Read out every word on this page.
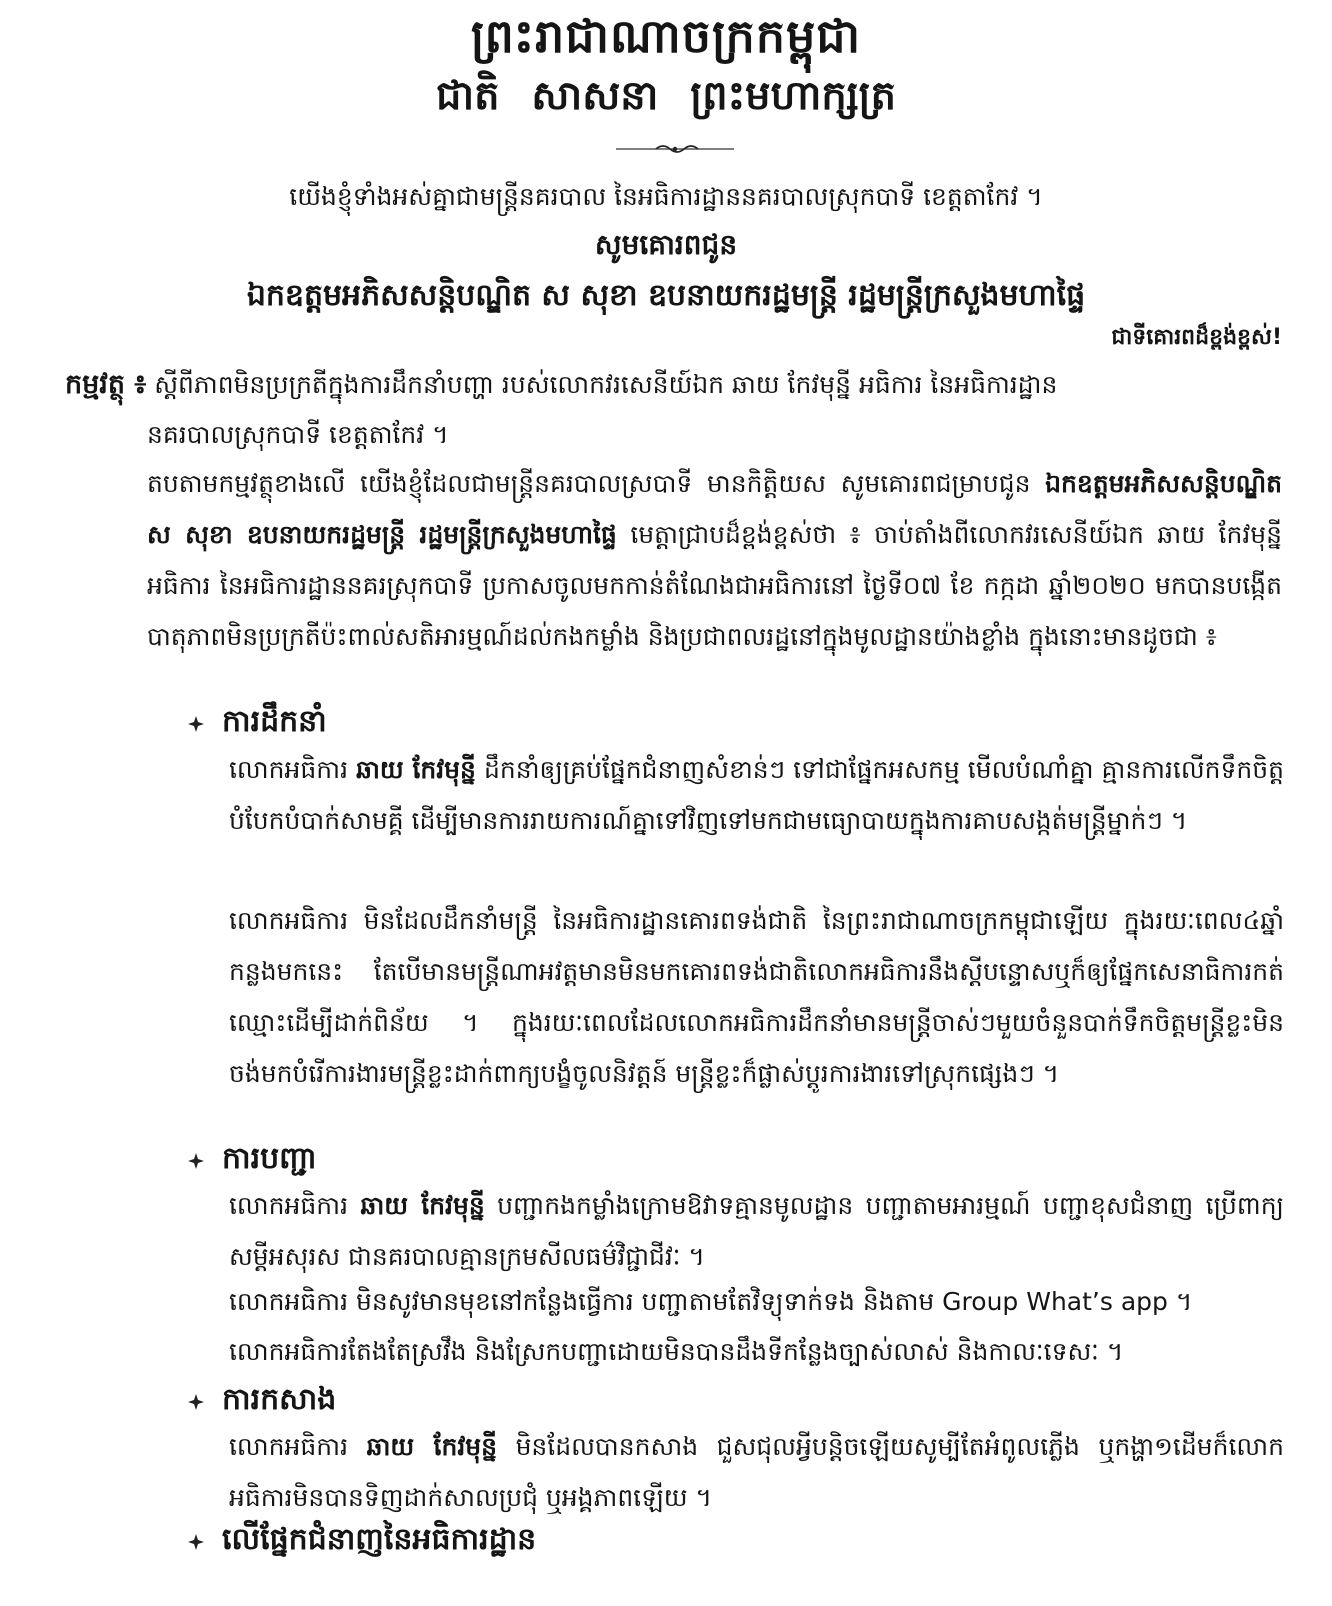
ព្រះរាជាណាចក្រកម្ពុជា
ជាតិ សាសនា ព្រះមហាក្សត្រ
យើងខ្ញុំទាំងអស់គ្នាជាមន្ត្រីនគរបាល នៃអធិការដ្ឋាននគរបាលស្រុកបាទី ខេត្តតាកែវ ។
សូមគោរពជូន
ឯកឧត្តមអភិសសន្តិបណ្ឌិត ស សុខា ឧបនាយករដ្ឋមន្ត្រី រដ្ឋមន្ត្រីក្រសួងមហាផ្ទៃ
ជាទីគោរពដ៏ខ្ពង់ខ្ពស់!
កម្មវត្ថុ ៖ ស្តីពីភាពមិនប្រក្រតីក្នុងការដឹកនាំបញ្ហា របស់លោកវរសេនីយ៍ឯក ឆាយ កែវមុន្នី អធិការ នៃអធិការដ្ឋាន
នគរបាលស្រុកបាទី ខេត្តតាកែវ ។
តបតាមកម្មវត្ថុខាងលើ យើងខ្ញុំដែលជាមន្ត្រីនគរបាលស្របាទី មានកិត្តិយស សូមគោរពជម្រាបជូន ឯកឧត្តមអភិសសន្តិបណ្ឌិត ស សុខា ឧបនាយករដ្ឋមន្ត្រី រដ្ឋមន្ត្រីក្រសួងមហាផ្ទៃ មេត្តាជ្រាបដ៏ខ្ពង់ខ្ពស់ថា ៖ ចាប់តាំងពីលោកវរសេនីយ៍ឯក ឆាយ កែវមុន្នី អធិការ នៃអធិការដ្ឋាននគរស្រុកបាទី ប្រកាសចូលមកកាន់តំណែងជាអធិការនៅ ថ្ងៃទី០៧ ខែ កក្កដា ឆ្នាំ២០២០ មកបានបង្កើតបាតុភាពមិនប្រក្រតីប៉ះពាល់សតិអារម្មណ៍ដល់កងកម្លាំង និងប្រជាពលរដ្ឋនៅក្នុងមូលដ្ឋានយ៉ាងខ្លាំង ក្នុងនោះមានដូចជា ៖
ការដឹកនាំ
លោកអធិការ ឆាយ កែវមុន្នី ដឹកនាំឲ្យគ្រប់ផ្នែកជំនាញសំខាន់ៗ ទៅជាផ្នែកអសកម្ម មើលបំណាំគ្នា គ្មានការលើកទឹកចិត្ត បំបែកបំបាក់សាមគ្គី ដើម្បីមានការរាយការណ៍គ្នាទៅវិញទៅមកជាមធ្យោបាយក្នុងការគាបសង្កត់មន្ត្រីម្នាក់ៗ ។
លោកអធិការ មិនដែលដឹកនាំមន្ត្រី នៃអធិការដ្ឋានគោរពទង់ជាតិ នៃព្រះរាជាណាចក្រកម្ពុជាឡើយ ក្នុងរយៈពេល៤ឆ្នាំកន្លងមកនេះ តែបើមានមន្ត្រីណាអវត្តមានមិនមកគោរពទង់ជាតិលោកអធិការនឹងស្តីបន្ទោសឬក៏ឲ្យផ្នែកសេនាធិការកត់ឈ្មោះដើម្បីដាក់ពិន័យ ។ ក្នុងរយៈពេលដែលលោកអធិការដឹកនាំមានមន្ត្រីចាស់ៗមួយចំនួនបាក់ទឹកចិត្តមន្ត្រីខ្លះមិនចង់មកបំរើការងារមន្ត្រីខ្លះដាក់ពាក្យបង្ខំចូលនិវត្តន៍ មន្ត្រីខ្លះក៏ផ្លាស់ប្តូរការងារទៅស្រុកផ្សេងៗ ។
ការបញ្ជា
លោកអធិការ ឆាយ កែវមុន្នី បញ្ជាកងកម្លាំងក្រោមឱវាទគ្មានមូលដ្ឋាន បញ្ជាតាមអារម្មណ៍ បញ្ជាខុសជំនាញ ប្រើពាក្យសម្តីអសុរស ជានគរបាលគ្មានក្រមសីលធម៌វិជ្ជាជីវៈ ។
លោកអធិការ មិនសូវមានមុខនៅកន្លែងធ្វើការ បញ្ជាតាមតែវិទ្យុទាក់ទង និងតាម Group What’s app ។
លោកអធិការតែងតែស្រវឹង និងស្រែកបញ្ជាដោយមិនបានដឹងទីកន្លែងច្បាស់លាស់ និងកាលៈទេសៈ ។
ការកសាង
លោកអធិការ ឆាយ កែវមុន្នី មិនដែលបានកសាង ជួសជុលអ្វីបន្តិចឡើយសូម្បីតែអំពូលភ្លើង ឬកង្ហា១ដើមក៏លោកអធិការមិនបានទិញដាក់សាលប្រជុំ ឬអង្គភាពឡើយ ។
លើផ្នែកជំនាញនៃអធិការដ្ឋាន
